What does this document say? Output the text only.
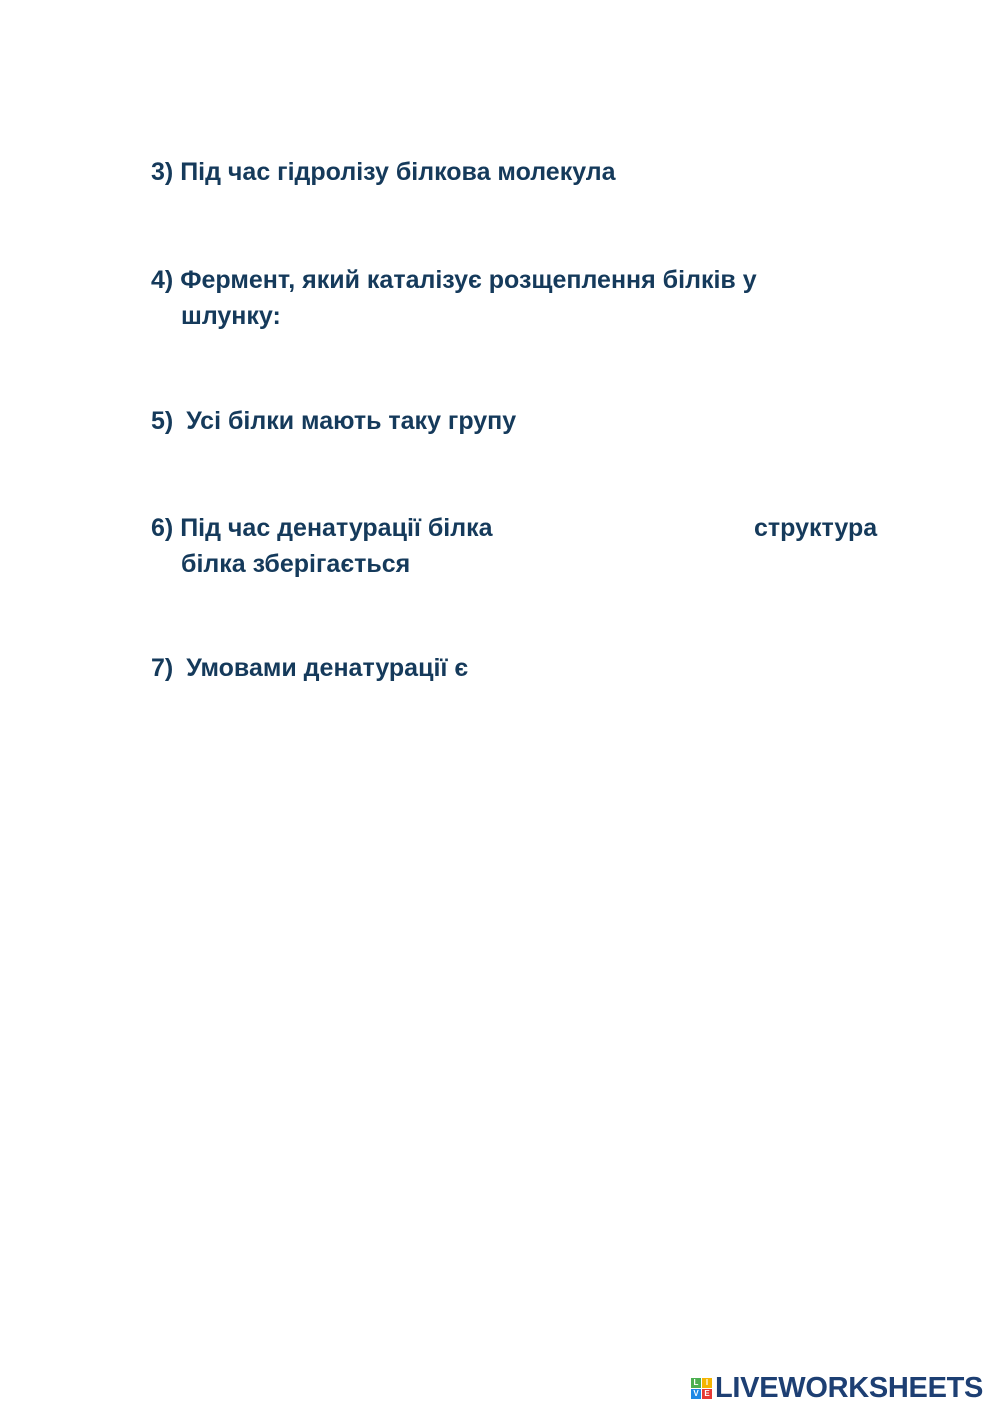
3) Під час гідролізу білкова молекула
4) Фермент, який каталізує розщеплення білків у
шлунку:
5) Усі білки мають таку групу
6) Під час денатурації білка	структура
білка зберігається
7) Умовами денатурації є
L I
V E LIVEWORKSHEETS
